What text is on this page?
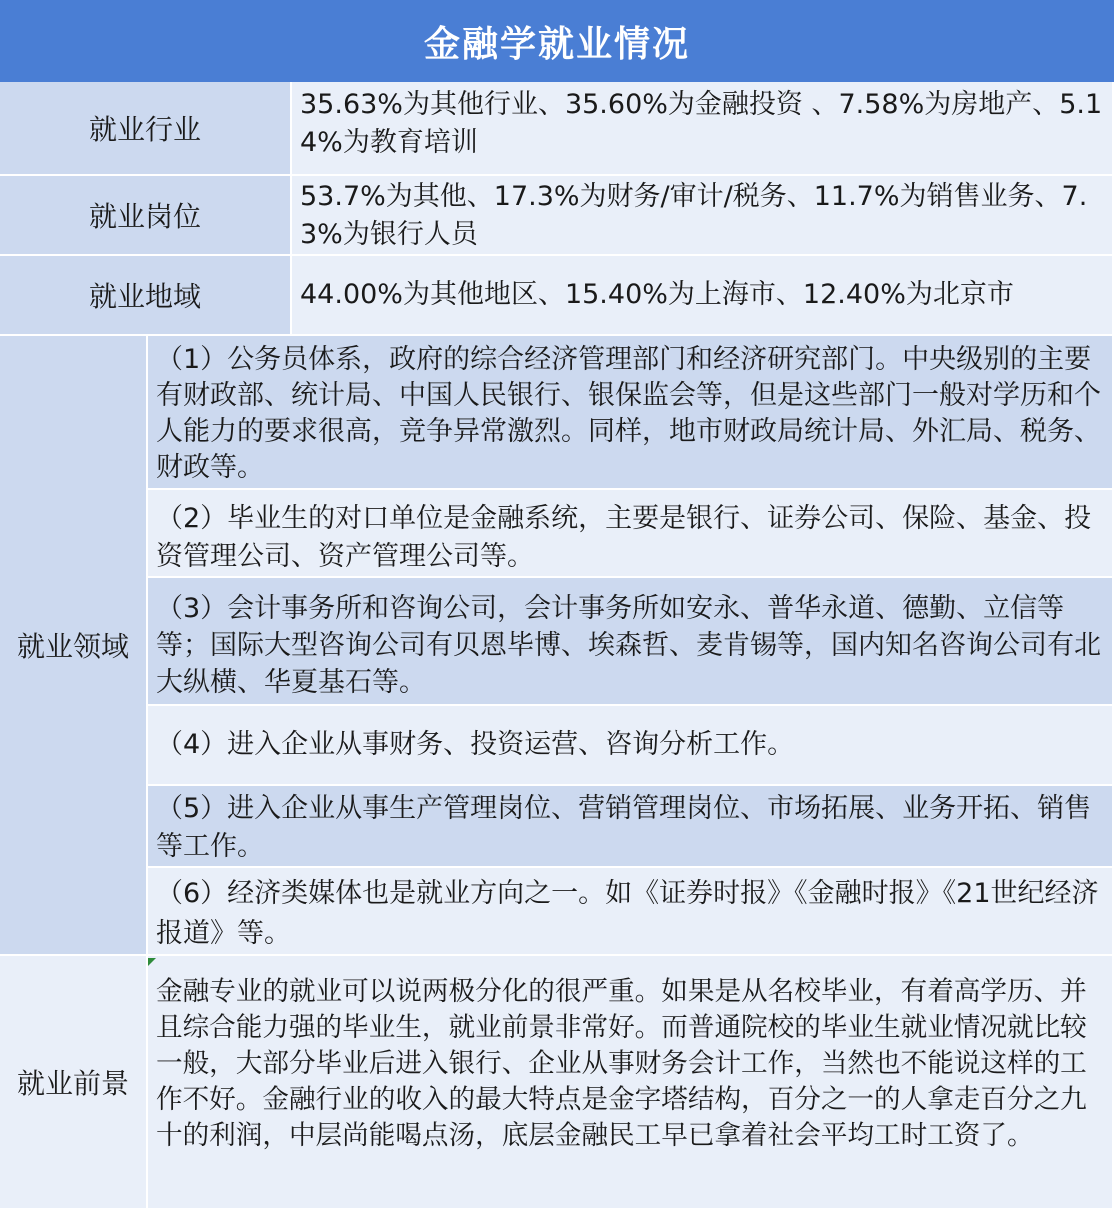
金融学就业情况
就业行业
35.63%为其他行业、35.60%为金融投资 、7.58%为房地产、5.14%为教育培训
就业岗位
53.7%为其他、17.3%为财务/审计/税务、11.7%为销售业务、7.3%为银行人员
就业地域	44.00%为其他地区、15.40%为上海市、12.40%为北京市
就业领域
（1）公务员体系，政府的综合经济管理部门和经济研究部门。中央级别的主要有财政部、统计局、中国人民银行、银保监会等，但是这些部门一般对学历和个人能力的要求很高，竞争异常激烈。同样，地市财政局统计局、外汇局、税务、财政等。
（2）毕业生的对口单位是金融系统，主要是银行、证券公司、保险、基金、投资管理公司、资产管理公司等。
（3）会计事务所和咨询公司，会计事务所如安永、普华永道、德勤、立信等等；国际大型咨询公司有贝恩毕博、埃森哲、麦肯锡等，国内知名咨询公司有北大纵横、华夏基石等。
（4）进入企业从事财务、投资运营、咨询分析工作。
（5）进入企业从事生产管理岗位、营销管理岗位、市场拓展、业务开拓、销售等工作。
（6）经济类媒体也是就业方向之一。如《证券时报》《金融时报》《21世纪经济报道》等。
就业前景
金融专业的就业可以说两极分化的很严重。如果是从名校毕业，有着高学历、并且综合能力强的毕业生，就业前景非常好。而普通院校的毕业生就业情况就比较一般，大部分毕业后进入银行、企业从事财务会计工作，当然也不能说这样的工作不好。金融行业的收入的最大特点是金字塔结构，百分之一的人拿走百分之九十的利润，中层尚能喝点汤，底层金融民工早已拿着社会平均工时工资了。
